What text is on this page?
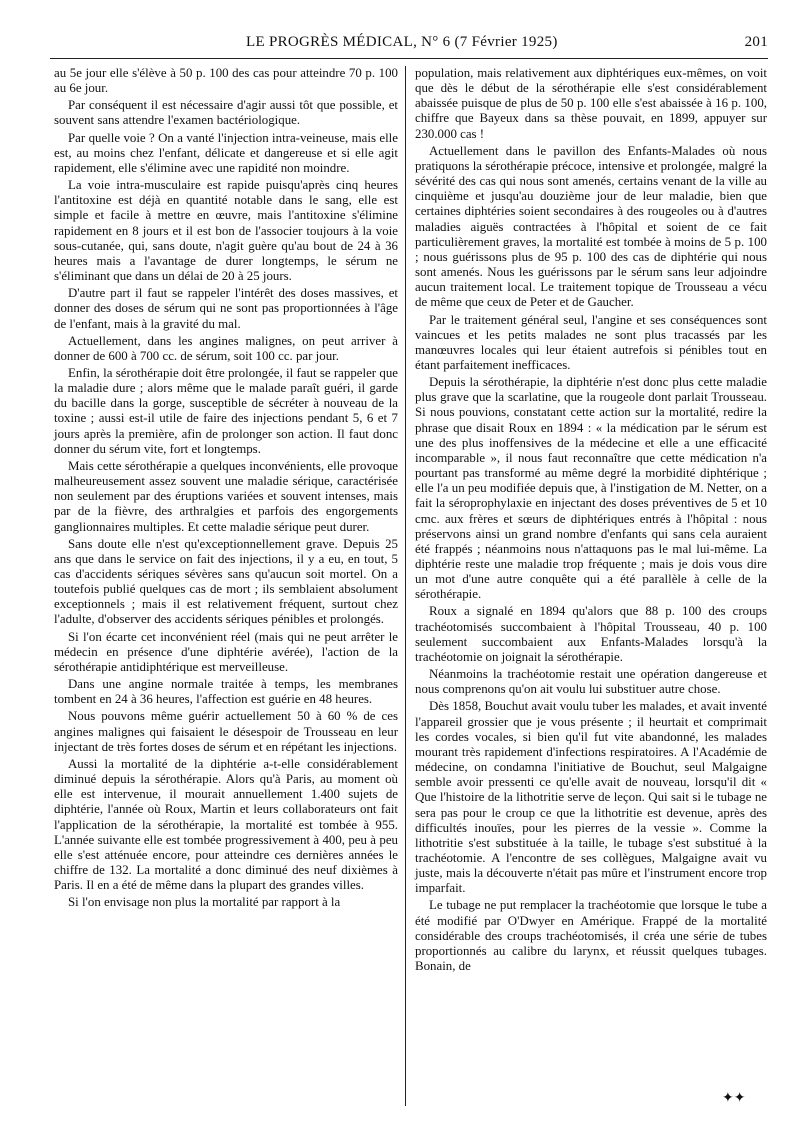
LE PROGRÈS MÉDICAL, N° 6 (7 Février 1925)	201

au 5e jour elle s'élève à 50 p. 100 des cas pour atteindre 70 p. 100 au 6e jour.

Par conséquent il est nécessaire d'agir aussi tôt que possible, et souvent sans attendre l'examen bactériologique.

Par quelle voie ? On a vanté l'injection intra-veineuse, mais elle est, au moins chez l'enfant, délicate et dangereuse et si elle agit rapidement, elle s'élimine avec une rapidité non moindre.

La voie intra-musculaire est rapide puisqu'après cinq heures l'antitoxine est déjà en quantité notable dans le sang, elle est simple et facile à mettre en œuvre, mais l'antitoxine s'élimine rapidement en 8 jours et il est bon de l'associer toujours à la voie sous-cutanée, qui, sans doute, n'agit guère qu'au bout de 24 à 36 heures mais a l'avantage de durer longtemps, le sérum ne s'éliminant que dans un délai de 20 à 25 jours.

D'autre part il faut se rappeler l'intérêt des doses massives, et donner des doses de sérum qui ne sont pas proportionnées à l'âge de l'enfant, mais à la gravité du mal.

Actuellement, dans les angines malignes, on peut arriver à donner de 600 à 700 cc. de sérum, soit 100 cc. par jour.

Enfin, la sérothérapie doit être prolongée, il faut se rappeler que la maladie dure ; alors même que le malade paraît guéri, il garde du bacille dans la gorge, susceptible de sécréter à nouveau de la toxine ; aussi est-il utile de faire des injections pendant 5, 6 et 7 jours après la première, afin de prolonger son action. Il faut donc donner du sérum vite, fort et longtemps.

Mais cette sérothérapie a quelques inconvénients, elle provoque malheureusement assez souvent une maladie sérique, caractérisée non seulement par des éruptions variées et souvent intenses, mais par de la fièvre, des arthralgies et parfois des engorgements ganglionnaires multiples. Et cette maladie sérique peut durer.

Sans doute elle n'est qu'exceptionnellement grave. Depuis 25 ans que dans le service on fait des injections, il y a eu, en tout, 5 cas d'accidents sériques sévères sans qu'aucun soit mortel. On a toutefois publié quelques cas de mort ; ils semblaient absolument exceptionnels ; mais il est relativement fréquent, surtout chez l'adulte, d'observer des accidents sériques pénibles et prolongés.

Si l'on écarte cet inconvénient réel (mais qui ne peut arrêter le médecin en présence d'une diphtérie avérée), l'action de la sérothérapie antidiphtérique est merveilleuse.

Dans une angine normale traitée à temps, les membranes tombent en 24 à 36 heures, l'affection est guérie en 48 heures.

Nous pouvons même guérir actuellement 50 à 60 % de ces angines malignes qui faisaient le désespoir de Trousseau en leur injectant de très fortes doses de sérum et en répétant les injections.

Aussi la mortalité de la diphtérie a-t-elle considérablement diminué depuis la sérothérapie. Alors qu'à Paris, au moment où elle est intervenue, il mourait annuellement 1.400 sujets de diphtérie, l'année où Roux, Martin et leurs collaborateurs ont fait l'application de la sérothérapie, la mortalité est tombée à 955. L'année suivante elle est tombée progressivement à 400, peu à peu elle s'est atténuée encore, pour atteindre ces dernières années le chiffre de 132. La mortalité a donc diminué des neuf dixièmes à Paris. Il en a été de même dans la plupart des grandes villes.

Si l'on envisage non plus la mortalité par rapport à la

population, mais relativement aux diphtériques eux-mêmes, on voit que dès le début de la sérothérapie elle s'est considérablement abaissée puisque de plus de 50 p. 100 elle s'est abaissée à 16 p. 100, chiffre que Bayeux dans sa thèse pouvait, en 1899, appuyer sur 230.000 cas !

Actuellement dans le pavillon des Enfants-Malades où nous pratiquons la sérothérapie précoce, intensive et prolongée, malgré la sévérité des cas qui nous sont amenés, certains venant de la ville au cinquième et jusqu'au douzième jour de leur maladie, bien que certaines diphtéries soient secondaires à des rougeoles ou à d'autres maladies aiguës contractées à l'hôpital et soient de ce fait particulièrement graves, la mortalité est tombée à moins de 5 p. 100 ; nous guérissons plus de 95 p. 100 des cas de diphtérie qui nous sont amenés. Nous les guérissons par le sérum sans leur adjoindre aucun traitement local. Le traitement topique de Trousseau a vécu de même que ceux de Peter et de Gaucher.

Par le traitement général seul, l'angine et ses conséquences sont vaincues et les petits malades ne sont plus tracassés par les manœuvres locales qui leur étaient autrefois si pénibles tout en étant parfaitement inefficaces.

Depuis la sérothérapie, la diphtérie n'est donc plus cette maladie plus grave que la scarlatine, que la rougeole dont parlait Trousseau. Si nous pouvions, constatant cette action sur la mortalité, redire la phrase que disait Roux en 1894 : « la médication par le sérum est une des plus inoffensives de la médecine et elle a une efficacité incomparable », il nous faut reconnaître que cette médication n'a pourtant pas transformé au même degré la morbidité diphtérique ; elle l'a un peu modifiée depuis que, à l'instigation de M. Netter, on a fait la séroprophylaxie en injectant des doses préventives de 5 et 10 cmc. aux frères et sœurs de diphtériques entrés à l'hôpital : nous préservons ainsi un grand nombre d'enfants qui sans cela auraient été frappés ; néanmoins nous n'attaquons pas le mal lui-même. La diphtérie reste une maladie trop fréquente ; mais je dois vous dire un mot d'une autre conquête qui a été parallèle à celle de la sérothérapie.

Roux a signalé en 1894 qu'alors que 88 p. 100 des croups trachéotomisés succombaient à l'hôpital Trousseau, 40 p. 100 seulement succombaient aux Enfants-Malades lorsqu'à la trachéotomie on joignait la sérothérapie.

Néanmoins la trachéotomie restait une opération dangereuse et nous comprenons qu'on ait voulu lui substituer autre chose.

Dès 1858, Bouchut avait voulu tuber les malades, et avait inventé l'appareil grossier que je vous présente ; il heurtait et comprimait les cordes vocales, si bien qu'il fut vite abandonné, les malades mourant très rapidement d'infections respiratoires. A l'Académie de médecine, on condamna l'initiative de Bouchut, seul Malgaigne semble avoir pressenti ce qu'elle avait de nouveau, lorsqu'il dit « Que l'histoire de la lithotritie serve de leçon. Qui sait si le tubage ne sera pas pour le croup ce que la lithotritie est devenue, après des difficultés inouïes, pour les pierres de la vessie ». Comme la lithotritie s'est substituée à la taille, le tubage s'est substitué à la trachéotomie. A l'encontre de ses collègues, Malgaigne avait vu juste, mais la découverte n'était pas mûre et l'instrument encore trop imparfait.

Le tubage ne put remplacer la trachéotomie que lorsque le tube a été modifié par O'Dwyer en Amérique. Frappé de la mortalité considérable des croups trachéotomisés, il créa une série de tubes proportionnés au calibre du larynx, et réussit quelques tubages. Bonain, de

✦✦
